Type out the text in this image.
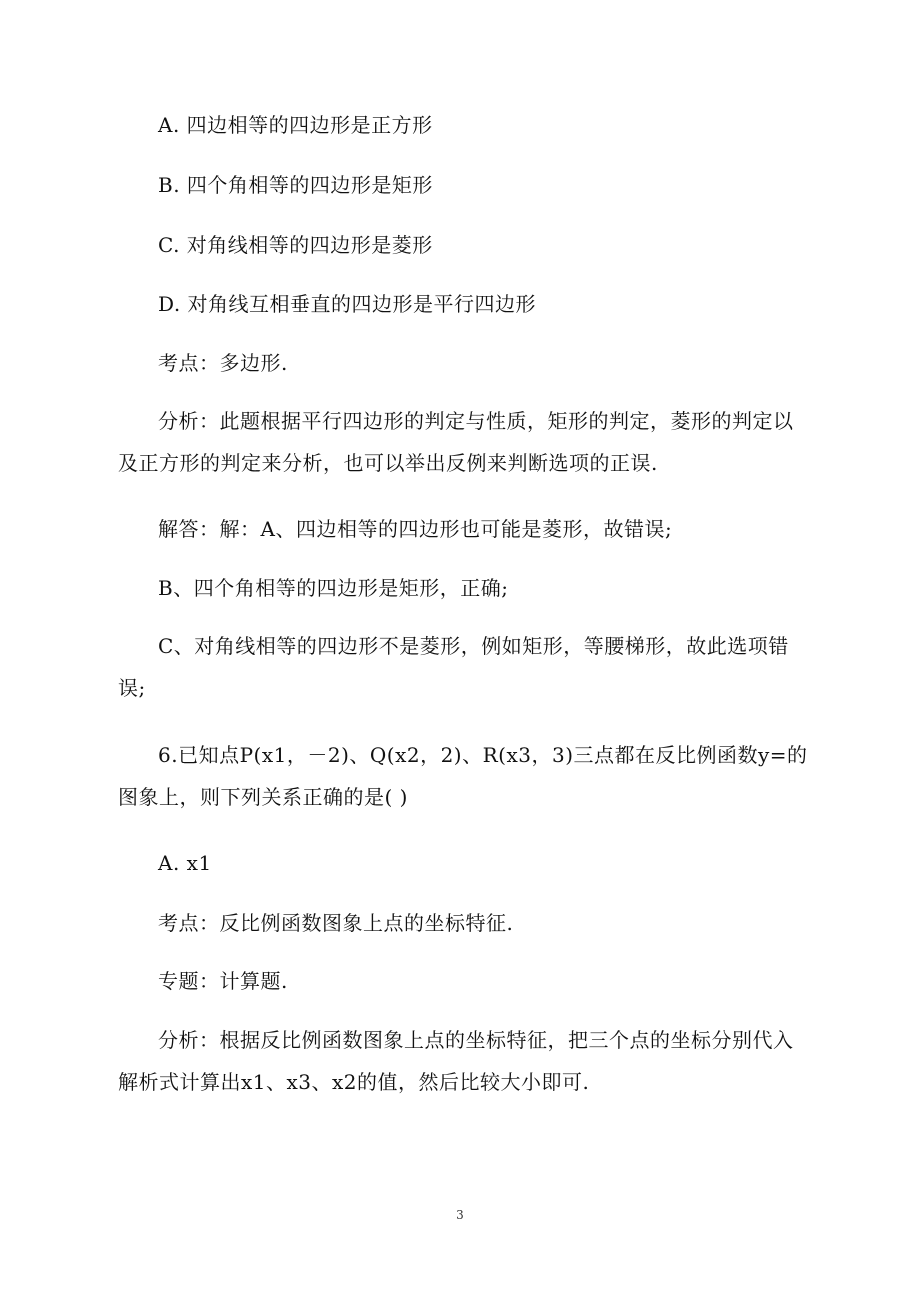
A. 四边相等的四边形是正方形
B. 四个角相等的四边形是矩形
C. 对角线相等的四边形是菱形
D. 对角线互相垂直的四边形是平行四边形
考点：多边形.
分析：此题根据平行四边形的判定与性质，矩形的判定，菱形的判定以及正方形的判定来分析，也可以举出反例来判断选项的正误.
解答：解：A、四边相等的四边形也可能是菱形，故错误;
B、四个角相等的四边形是矩形，正确;
C、对角线相等的四边形不是菱形，例如矩形，等腰梯形，故此选项错误;
6.已知点P(x1，－2)、Q(x2，2)、R(x3，3)三点都在反比例函数y=的图象上，则下列关系正确的是( )
A. x1
考点：反比例函数图象上点的坐标特征.
专题：计算题.
分析：根据反比例函数图象上点的坐标特征，把三个点的坐标分别代入解析式计算出x1、x3、x2的值，然后比较大小即可.
3
